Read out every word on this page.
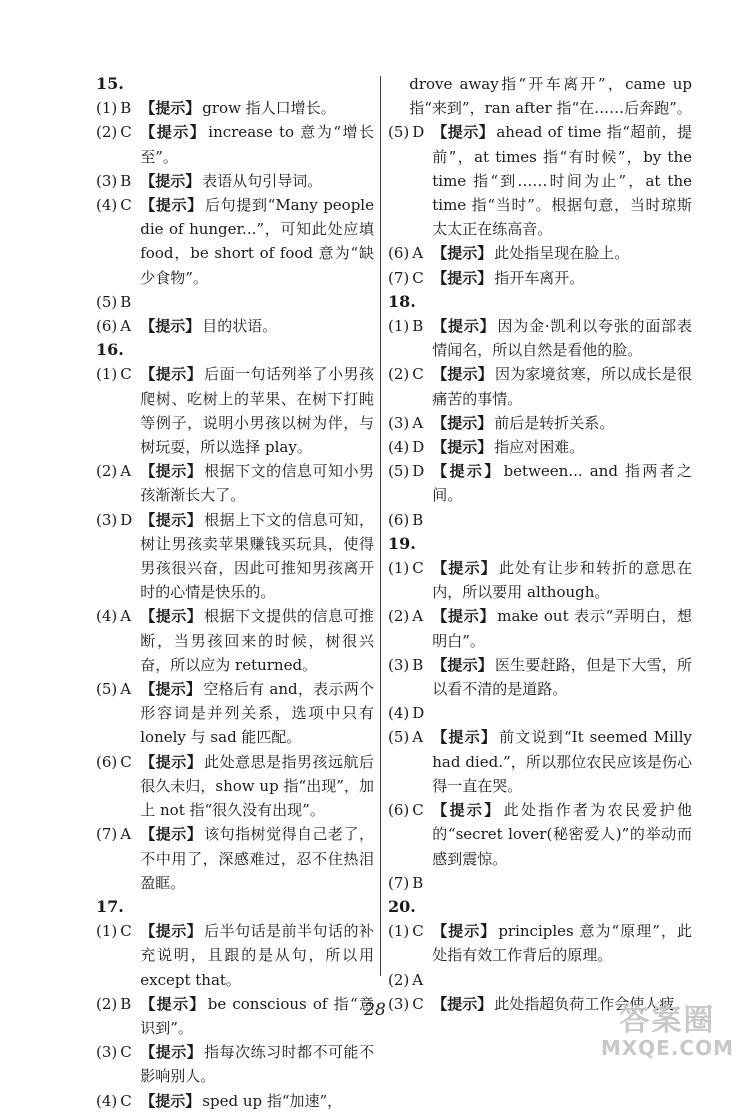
15.
(1) B 【提示】 grow 指人口增长。
(2) C 【提示】 increase to 意为“增长至”。
(3) B 【提示】 表语从句引导词。
(4) C 【提示】 后句提到“Many people die of hunger...”，可知此处应填 food，be short of food 意为“缺少食物”。
(5) B
(6) A 【提示】 目的状语。
16.
(1) C 【提示】 后面一句话列举了小男孩爬树、吃树上的苹果、在树下打盹等例子，说明小男孩以树为伴，与树玩耍，所以选择 play。
(2) A 【提示】 根据下文的信息可知小男孩渐渐长大了。
(3) D 【提示】 根据上下文的信息可知，树让男孩卖苹果赚钱买玩具，使得男孩很兴奋，因此可推知男孩离开时的心情是快乐的。
(4) A 【提示】 根据下文提供的信息可推断，当男孩回来的时候，树很兴奋，所以应为 returned。
(5) A 【提示】 空格后有 and，表示两个形容词是并列关系，选项中只有 lonely 与 sad 能匹配。
(6) C 【提示】 此处意思是指男孩远航后很久未归，show up 指“出现”，加上 not 指“很久没有出现”。
(7) A 【提示】 该句指树觉得自己老了，不中用了，深感难过，忍不住热泪盈眶。
17.
(1) C 【提示】 后半句话是前半句话的补充说明，且跟的是从句，所以用 except that。
(2) B 【提示】 be conscious of 指“意识到”。
(3) C 【提示】 指每次练习时都不可能不影响别人。
(4) C 【提示】 sped up 指“加速”，
drove away指“开车离开”，came up 指“来到”，ran after 指“在……后奔跑”。
(5) D 【提示】 ahead of time 指“超前，提前”，at times 指“有时候”，by the time 指“到……时间为止”，at the time 指“当时”。根据句意，当时琼斯太太正在练高音。
(6) A 【提示】 此处指呈现在脸上。
(7) C 【提示】 指开车离开。
18.
(1) B 【提示】 因为金·凯利以夸张的面部表情闻名，所以自然是看他的脸。
(2) C 【提示】 因为家境贫寒，所以成长是很痛苦的事情。
(3) A 【提示】 前后是转折关系。
(4) D 【提示】 指应对困难。
(5) D 【提示】 between... and 指两者之间。
(6) B
19.
(1) C 【提示】 此处有让步和转折的意思在内，所以要用 although。
(2) A 【提示】 make out 表示“弄明白，想明白”。
(3) B 【提示】 医生要赶路，但是下大雪，所以看不清的是道路。
(4) D
(5) A 【提示】 前文说到“It seemed Milly had died.”，所以那位农民应该是伤心得一直在哭。
(6) C 【提示】 此处指作者为农民爱护他的“secret lover(秘密爱人)”的举动而感到震惊。
(7) B
20.
(1) C 【提示】 principles 意为“原理”，此处指有效工作背后的原理。
(2) A
(3) C 【提示】 此处指超负荷工作会使人疲
28	答案圈
MXQE.COM
